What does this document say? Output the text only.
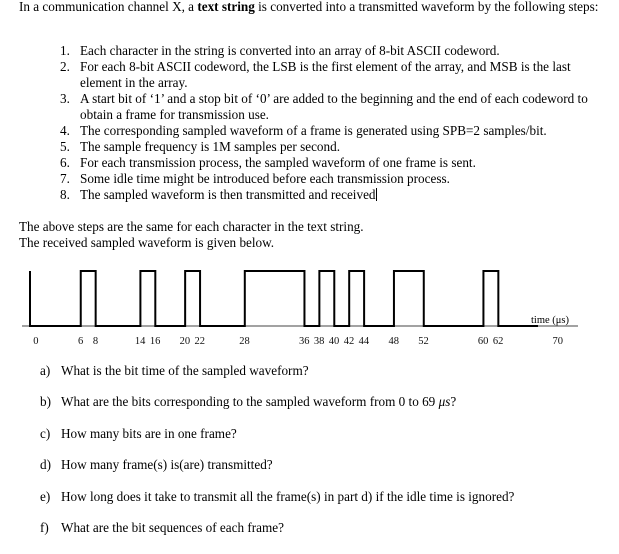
In a communication channel X, a text string is converted into a transmitted waveform by the following steps:
1. Each character in the string is converted into an array of 8-bit ASCII codeword.
2. For each 8-bit ASCII codeword, the LSB is the first element of the array, and MSB is the last element in the array.
3. A start bit of ‘1’ and a stop bit of ‘0’ are added to the beginning and the end of each codeword to obtain a frame for transmission use.
4. The corresponding sampled waveform of a frame is generated using SPB=2 samples/bit.
5. The sample frequency is 1M samples per second.
6. For each transmission process, the sampled waveform of one frame is sent.
7. Some idle time might be introduced before each transmission process.
8. The sampled waveform is then transmitted and received
The above steps are the same for each character in the text string.
The received sampled waveform is given below.
0	6 8	14 16 20 22	28	36 38 40 42 44 48 52	60 62	70
time (μs)
a) What is the bit time of the sampled waveform?
b) What are the bits corresponding to the sampled waveform from 0 to 69 μs?
c) How many bits are in one frame?
d) How many frame(s) is(are) transmitted?
e) How long does it take to transmit all the frame(s) in part d) if the idle time is ignored?
f) What are the bit sequences of each frame?
